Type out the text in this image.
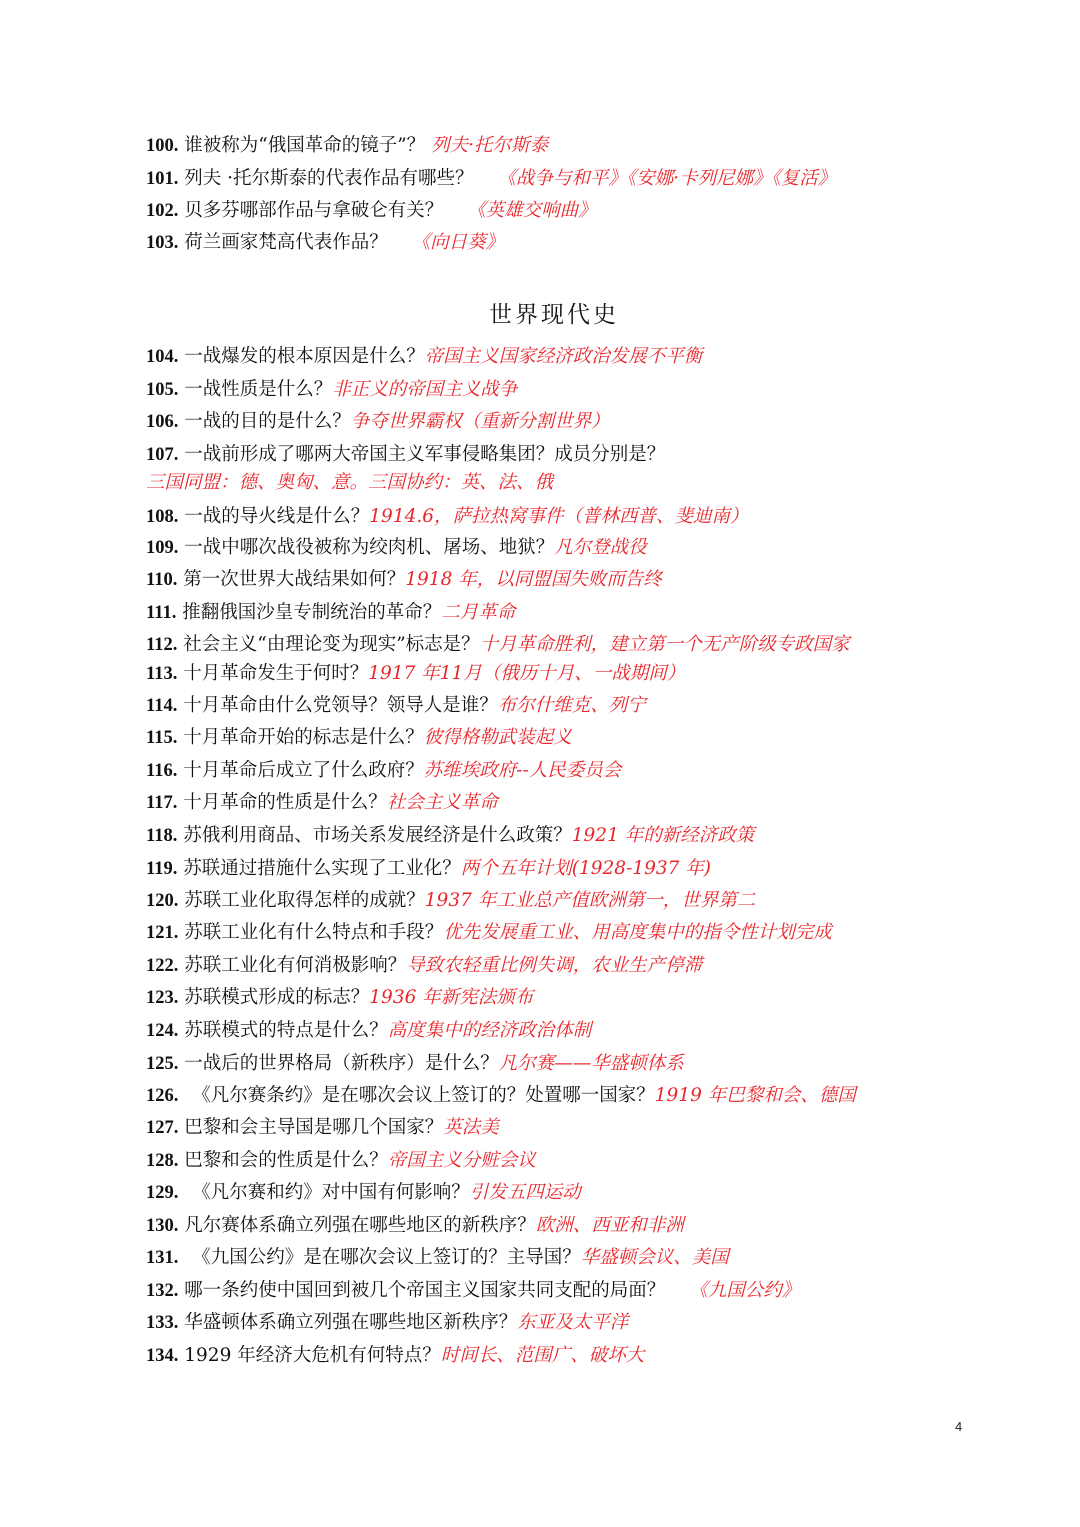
100. 谁被称为“俄国革命的镜子”？ 列夫·托尔斯泰
101. 列夫 ·托尔斯泰的代表作品有哪些？ 《战争与和平》《安娜·卡列尼娜》《复活》
102. 贝多芬哪部作品与拿破仑有关？ 《英雄交响曲》
103. 荷兰画家梵高代表作品？ 《向日葵》
世界现代史
104. 一战爆发的根本原因是什么？帝国主义国家经济政治发展不平衡
105. 一战性质是什么？非正义的帝国主义战争
106. 一战的目的是什么？争夺世界霸权（重新分割世界）
107. 一战前形成了哪两大帝国主义军事侵略集团？成员分别是？
三国同盟：德、奥匈、意。三国协约：英、法、俄
108. 一战的导火线是什么？1914.6，萨拉热窝事件（普林西普、斐迪南）
109. 一战中哪次战役被称为绞肉机、屠场、地狱？凡尔登战役
110. 第一次世界大战结果如何？1918 年，以同盟国失败而告终
111. 推翻俄国沙皇专制统治的革命？二月革命
112. 社会主义“由理论变为现实”标志是？十月革命胜利，建立第一个无产阶级专政国家
113. 十月革命发生于何时？1917 年11月（俄历十月、一战期间）
114. 十月革命由什么党领导？领导人是谁？布尔什维克、列宁
115. 十月革命开始的标志是什么？彼得格勒武装起义
116. 十月革命后成立了什么政府？苏维埃政府--人民委员会
117. 十月革命的性质是什么？社会主义革命
118. 苏俄利用商品、市场关系发展经济是什么政策？1921 年的新经济政策
119. 苏联通过措施什么实现了工业化？两个五年计划(1928-1937 年)
120. 苏联工业化取得怎样的成就？1937 年工业总产值欧洲第一，世界第二
121. 苏联工业化有什么特点和手段？优先发展重工业、用高度集中的指令性计划完成
122. 苏联工业化有何消极影响？导致农轻重比例失调，农业生产停滞
123. 苏联模式形成的标志？1936 年新宪法颁布
124. 苏联模式的特点是什么？高度集中的经济政治体制
125. 一战后的世界格局（新秩序）是什么？凡尔赛——华盛顿体系
126. 《凡尔赛条约》是在哪次会议上签订的？处置哪一国家？1919 年巴黎和会、德国
127. 巴黎和会主导国是哪几个国家？英法美
128. 巴黎和会的性质是什么？帝国主义分赃会议
129. 《凡尔赛和约》对中国有何影响？引发五四运动
130. 凡尔赛体系确立列强在哪些地区的新秩序？欧洲、西亚和非洲
131. 《九国公约》是在哪次会议上签订的？主导国？华盛顿会议、美国
132. 哪一条约使中国回到被几个帝国主义国家共同支配的局面？ 《九国公约》
133. 华盛顿体系确立列强在哪些地区新秩序？东亚及太平洋
134. 1929 年经济大危机有何特点？时间长、范围广、破坏大
4
